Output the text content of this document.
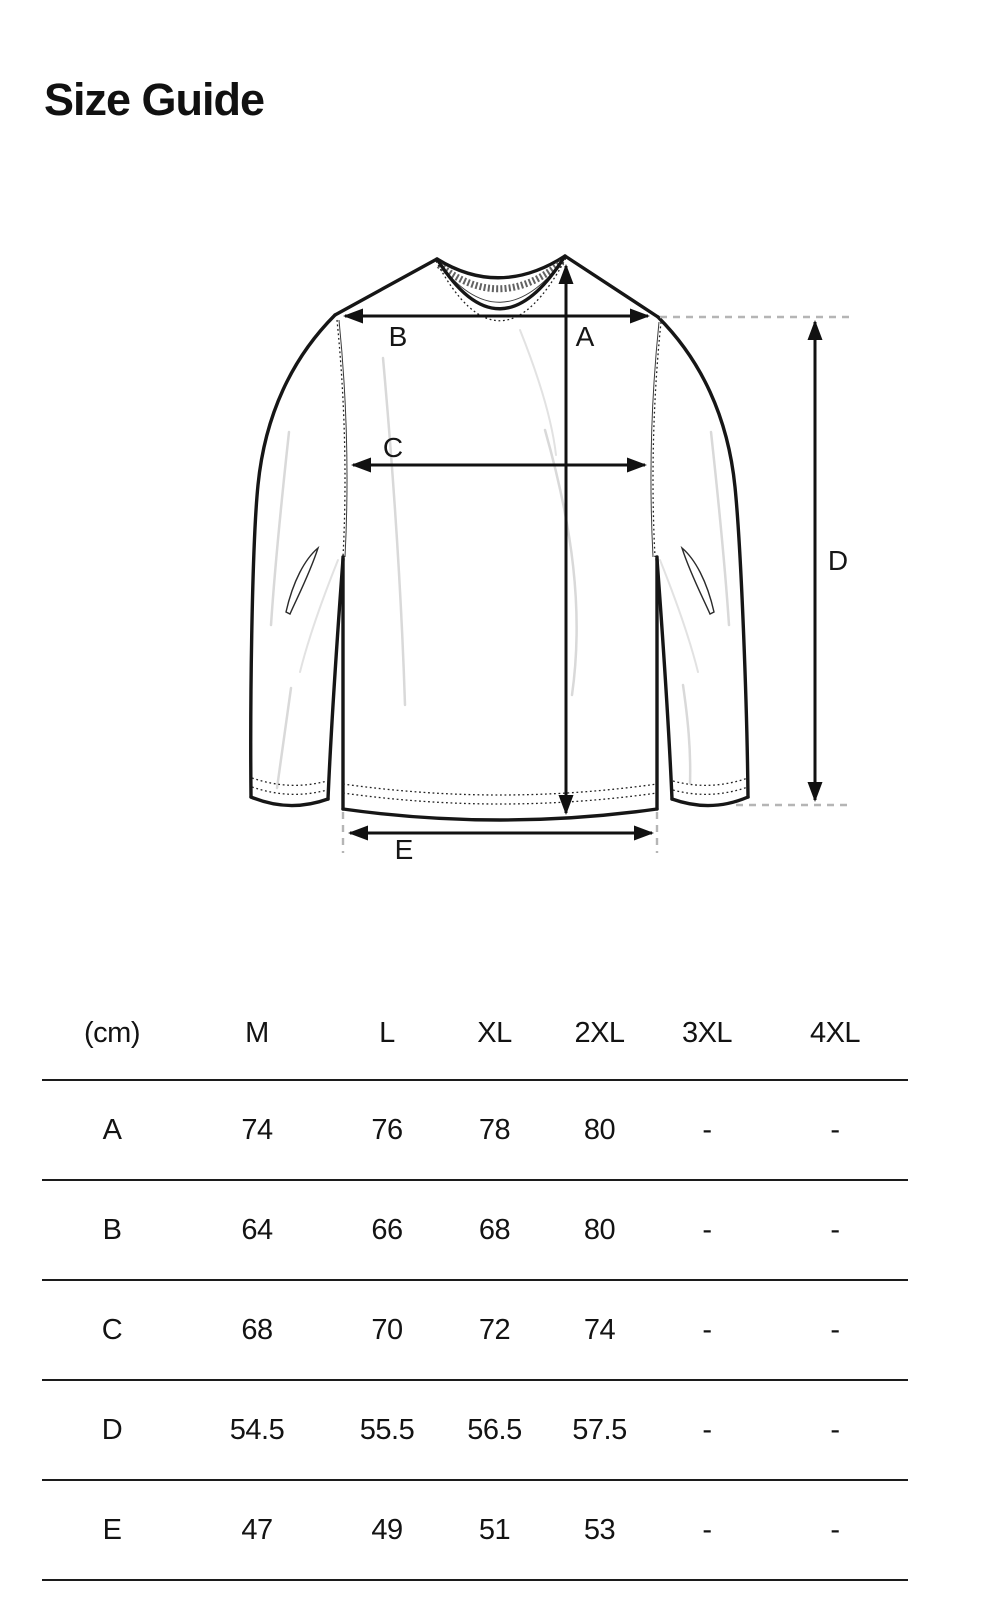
Size Guide
B	A
C
D
E
(cm)	M	L	XL	2XL	3XL	4XL
A	74	76	78	80	-	-
B	64	66	68	80	-	-
C	68	70	72	74	-	-
D	54.5	55.5	56.5	57.5	-	-
E	47	49	51	53	-	-
